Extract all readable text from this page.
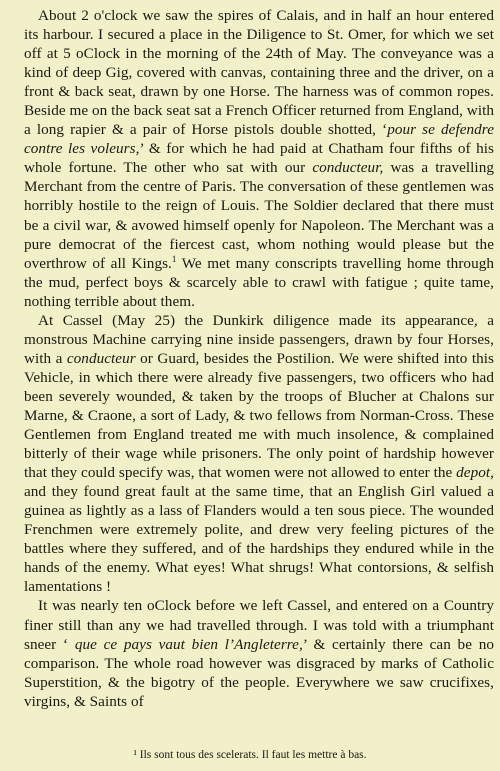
About 2 o'clock we saw the spires of Calais, and in half an hour entered its harbour. I secured a place in the Diligence to St. Omer, for which we set off at 5 oClock in the morning of the 24th of May. The conveyance was a kind of deep Gig, covered with canvas, containing three and the driver, on a front & back seat, drawn by one Horse. The harness was of common ropes. Beside me on the back seat sat a French Officer returned from England, with a long rapier & a pair of Horse pistols double shotted, ‘pour se defendre contre les voleurs,’ & for which he had paid at Chatham four fifths of his whole fortune. The other who sat with our conducteur, was a travelling Merchant from the centre of Paris. The conversation of these gentlemen was horribly hostile to the reign of Louis. The Soldier declared that there must be a civil war, & avowed himself openly for Napoleon. The Merchant was a pure democrat of the fiercest cast, whom nothing would please but the overthrow of all Kings.$^1$ We met many conscripts travelling home through the mud, perfect boys & scarcely able to crawl with fatigue ; quite tame, nothing terrible about them.

At Cassel (May 25) the Dunkirk diligence made its appearance, a monstrous Machine carrying nine inside passengers, drawn by four Horses, with a conducteur or Guard, besides the Postilion. We were shifted into this Vehicle, in which there were already five passengers, two officers who had been severely wounded, & taken by the troops of Blucher at Chalons sur Marne, & Craone, a sort of Lady, & two fellows from Norman-Cross. These Gentlemen from England treated me with much insolence, & complained bitterly of their wage while prisoners. The only point of hardship however that they could specify was, that women were not allowed to enter the depot, and they found great fault at the same time, that an English Girl valued a guinea as lightly as a lass of Flanders would a ten sous piece. The wounded Frenchmen were extremely polite, and drew very feeling pictures of the battles where they suffered, and of the hardships they endured while in the hands of the enemy. What eyes! What shrugs! What contorsions, & selfish lamentations !

It was nearly ten oClock before we left Cassel, and entered on a Country finer still than any we had travelled through. I was told with a triumphant sneer ‘ que ce pays vaut bien l’Angleterre,’ & certainly there can be no comparison. The whole road however was disgraced by marks of Catholic Superstition, & the bigotry of the people. Everywhere we saw crucifixes, virgins, & Saints of

¹ Ils sont tous des scelerats. Il faut les mettre à bas.
